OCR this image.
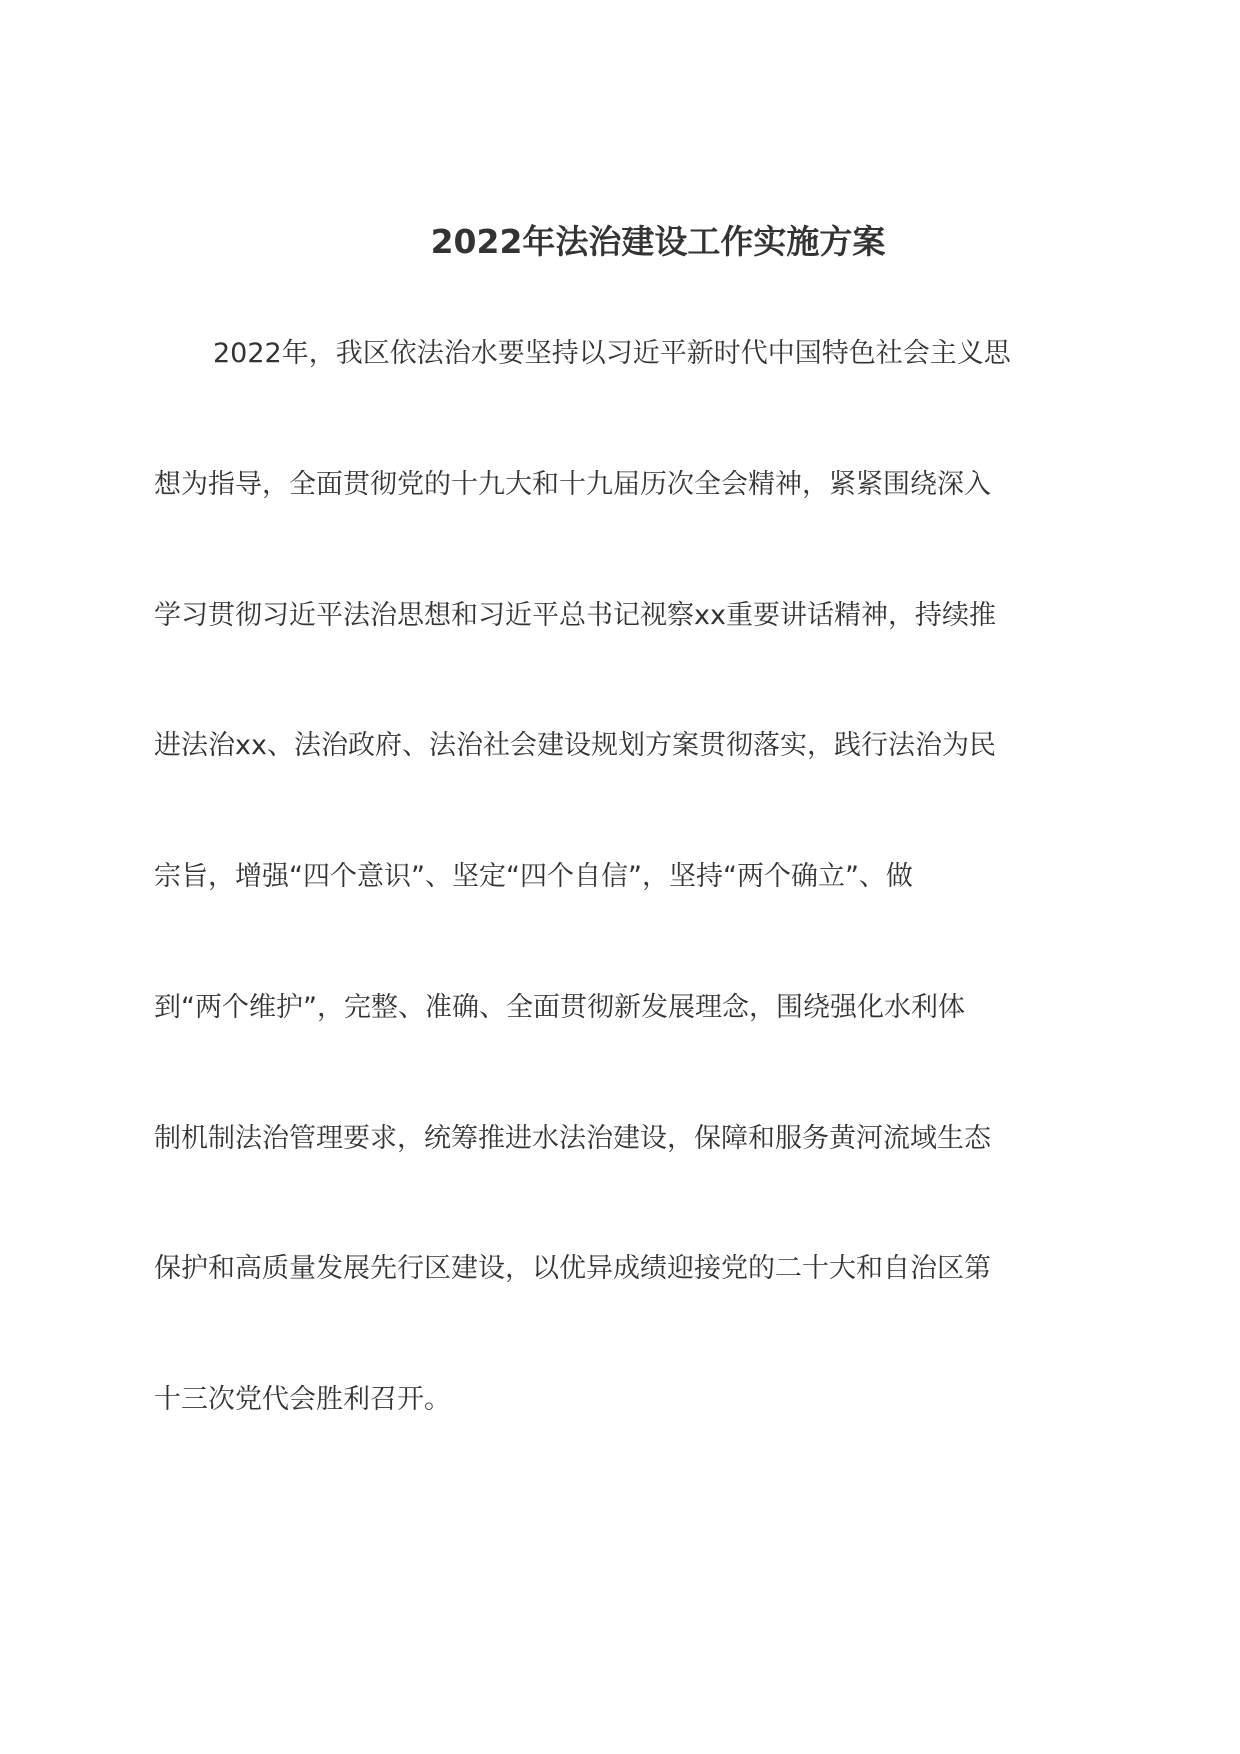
2022年法治建设工作实施方案
2022年，我区依法治水要坚持以习近平新时代中国特色社会主义思
想为指导，全面贯彻党的十九大和十九届历次全会精神，紧紧围绕深入
学习贯彻习近平法治思想和习近平总书记视察xx重要讲话精神，持续推
进法治xx、法治政府、法治社会建设规划方案贯彻落实，践行法治为民
宗旨，增强“四个意识”、坚定“四个自信”，坚持“两个确立”、做
到“两个维护”，完整、准确、全面贯彻新发展理念，围绕强化水利体
制机制法治管理要求，统筹推进水法治建设，保障和服务黄河流域生态
保护和高质量发展先行区建设，以优异成绩迎接党的二十大和自治区第
十三次党代会胜利召开。
